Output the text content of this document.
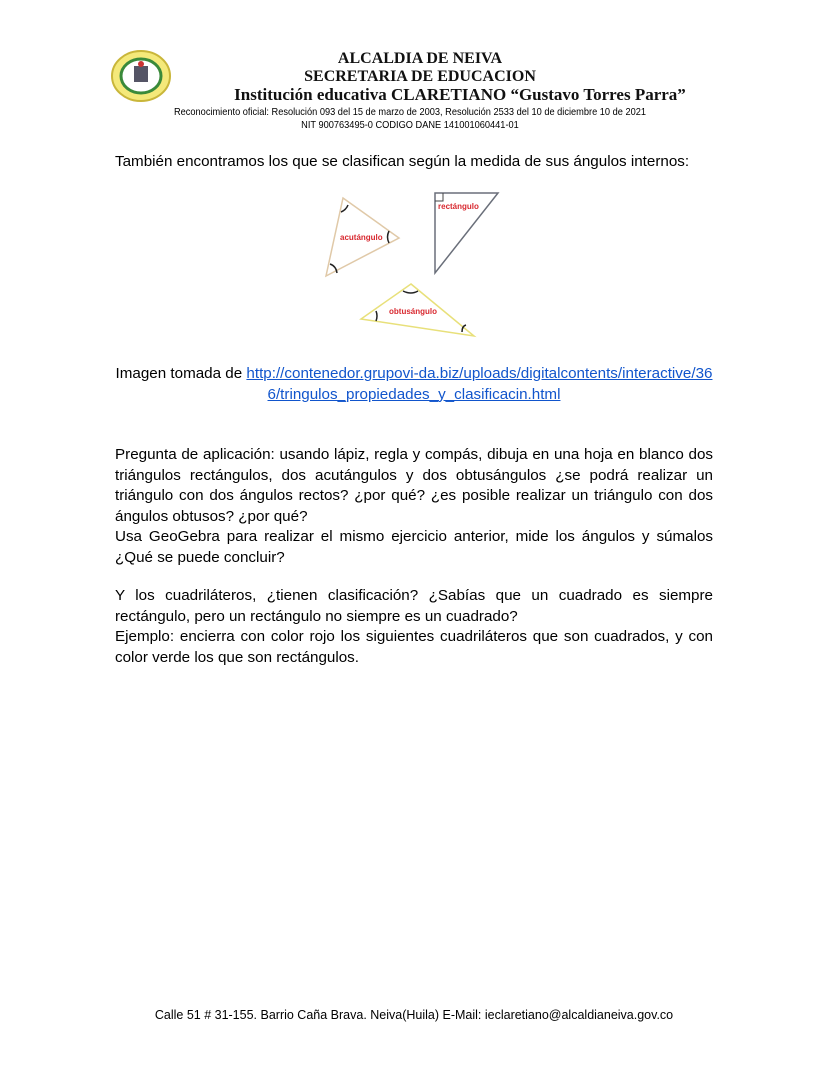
ALCALDIA DE NEIVA
SECRETARIA DE EDUCACION
Institución educativa CLARETIANO “Gustavo Torres Parra”
Reconocimiento oficial: Resolución 093 del 15 de marzo de 2003, Resolución 2533 del 10 de diciembre 10 de 2021
NIT 900763495-0 CODIGO DANE 141001060441-01
También encontramos los que se clasifican según la medida de sus ángulos internos:
acutángulo
rectángulo
obtusángulo
Imagen tomada de http://contenedor.grupovi-da.biz/uploads/digitalcontents/interactive/366/tringulos_propiedades_y_clasificacin.html
Pregunta de aplicación: usando lápiz, regla y compás, dibuja en una hoja en blanco dos triángulos rectángulos, dos acutángulos y dos obtusángulos ¿se podrá realizar un triángulo con dos ángulos rectos? ¿por qué? ¿es posible realizar un triángulo con dos ángulos obtusos? ¿por qué?
Usa GeoGebra para realizar el mismo ejercicio anterior, mide los ángulos y súmalos ¿Qué se puede concluir?
Y los cuadriláteros, ¿tienen clasificación? ¿Sabías que un cuadrado es siempre rectángulo, pero un rectángulo no siempre es un cuadrado?
Ejemplo: encierra con color rojo los siguientes cuadriláteros que son cuadrados, y con color verde los que son rectángulos.
Calle 51 # 31-155. Barrio Caña Brava. Neiva(Huila) E-Mail: ieclaretiano@alcaldianeiva.gov.co
